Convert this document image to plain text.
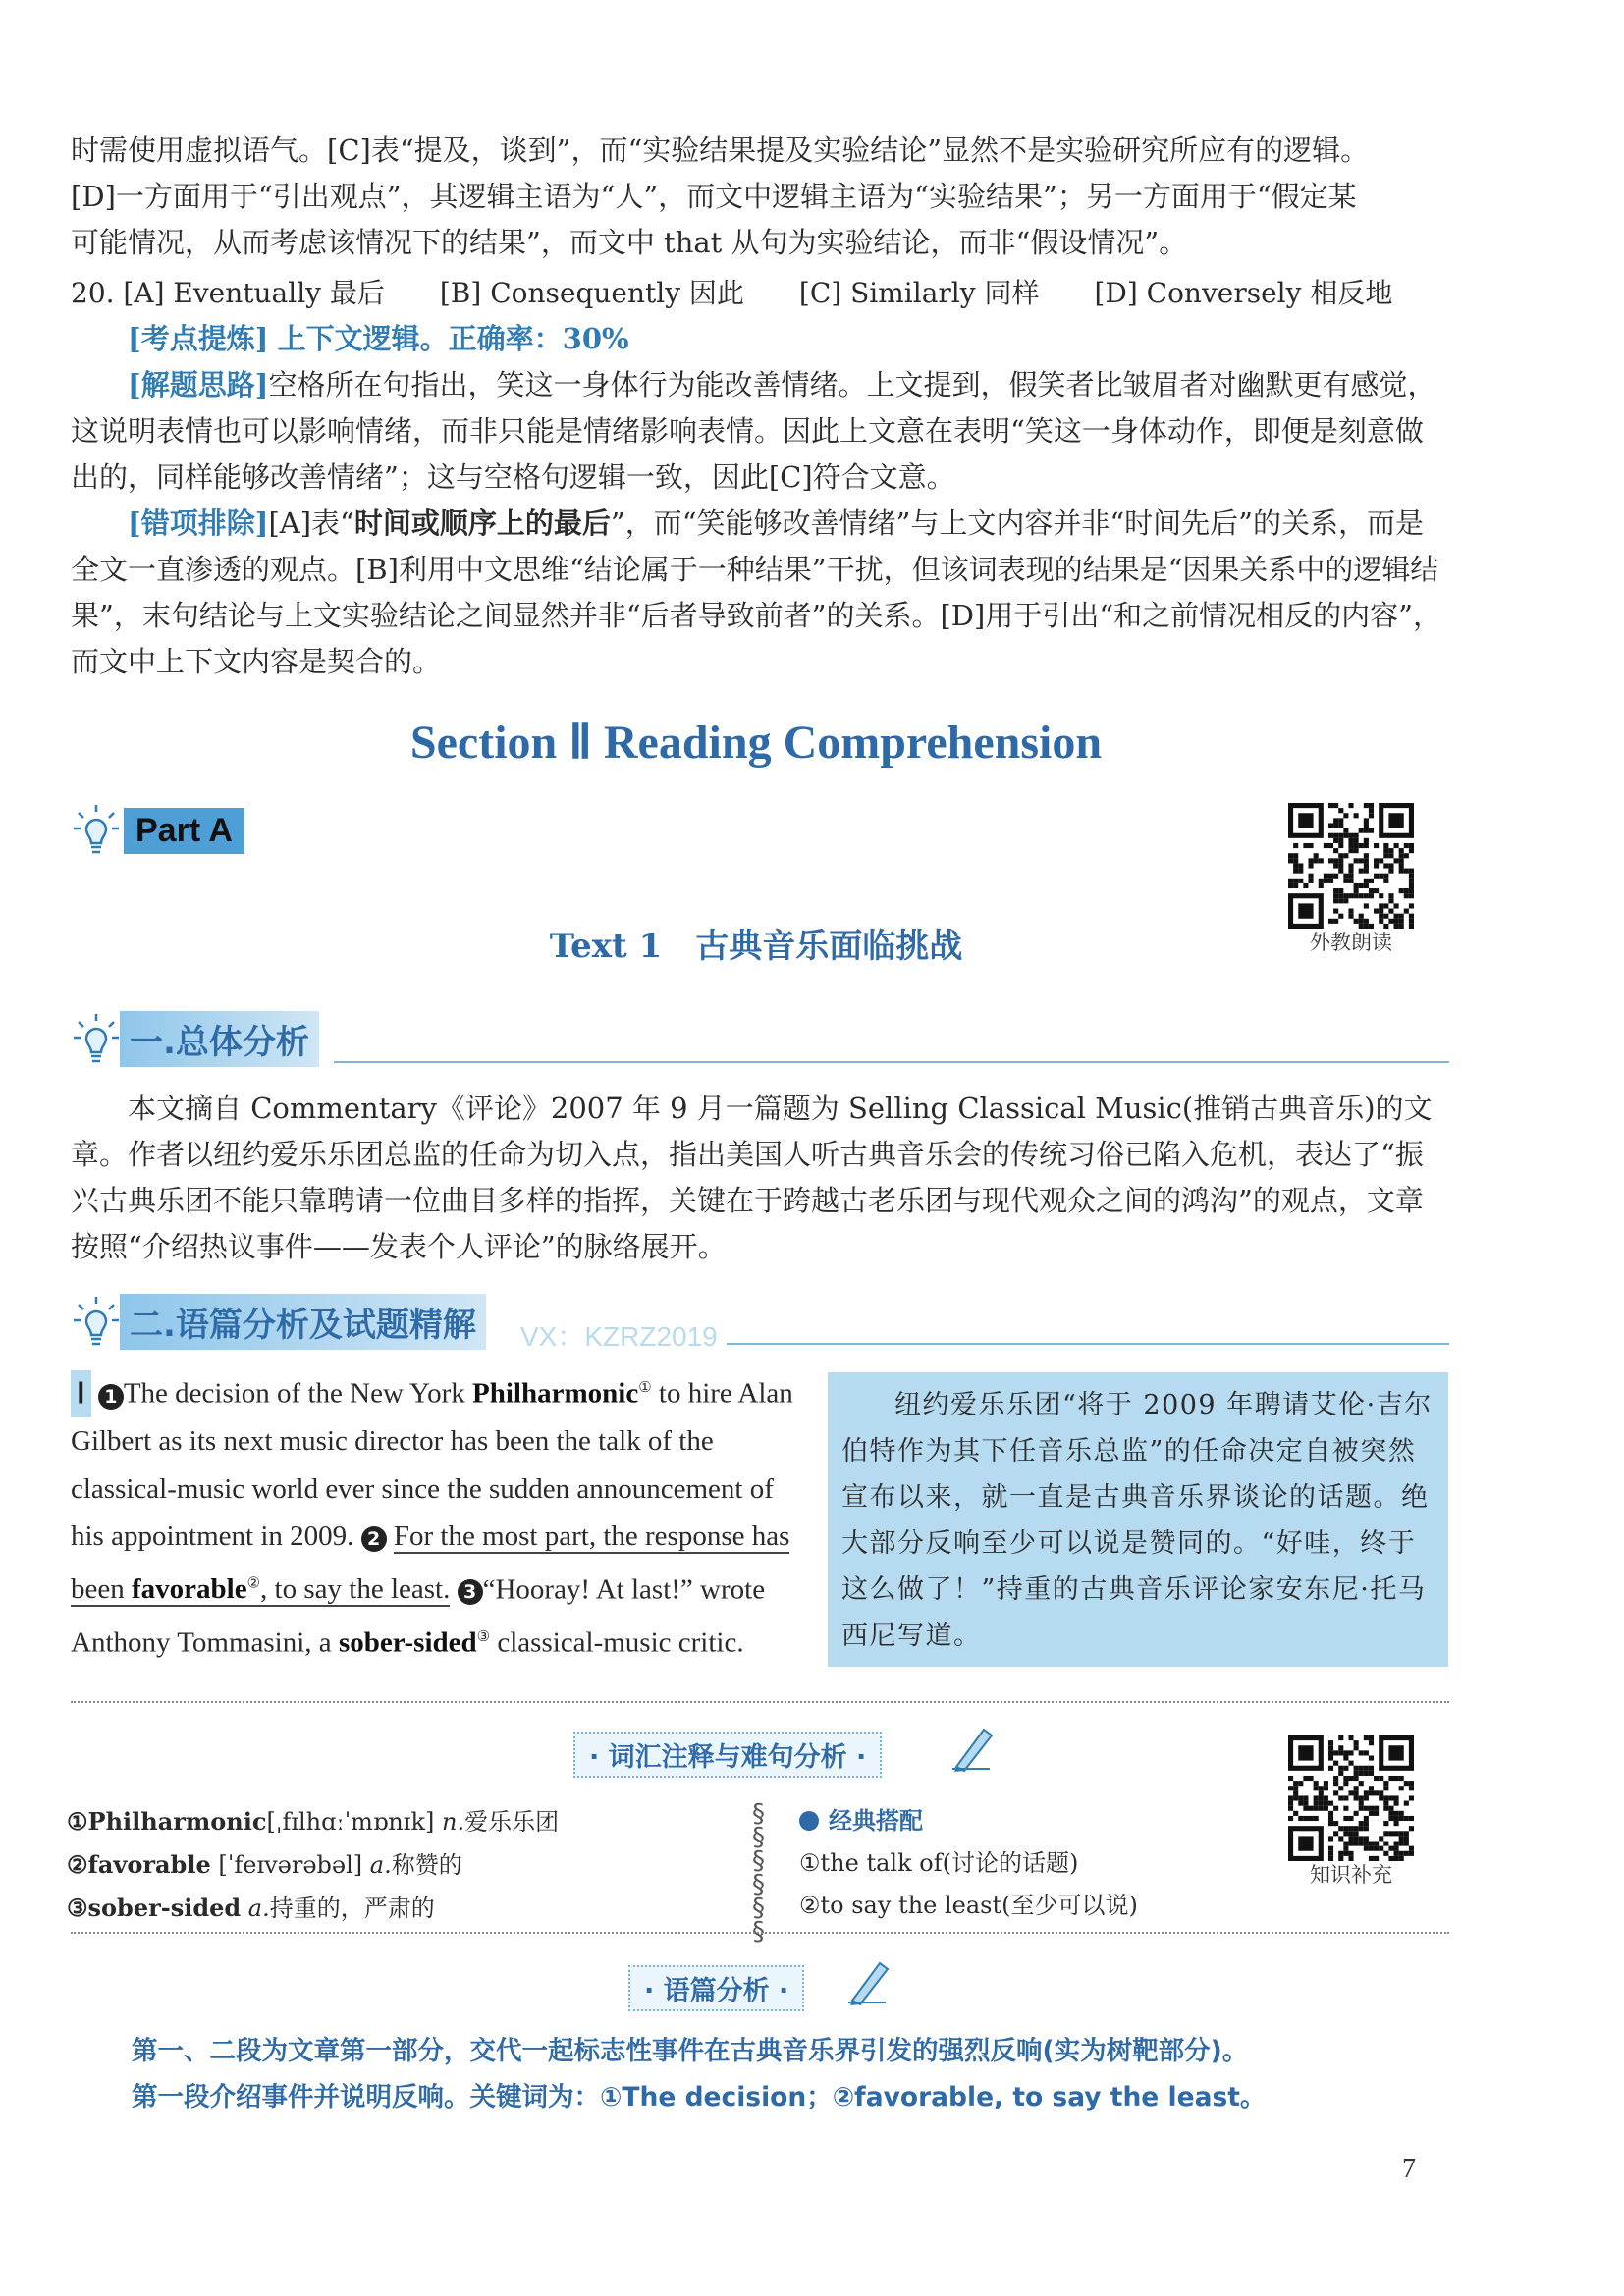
时需使用虚拟语气。[C]表“提及，谈到”，而“实验结果提及实验结论”显然不是实验研究所应有的逻辑。
[D]一方面用于“引出观点”，其逻辑主语为“人”，而文中逻辑主语为“实验结果”；另一方面用于“假定某
可能情况，从而考虑该情况下的结果”，而文中 that 从句为实验结论，而非“假设情况”。
20. [A] Eventually 最后　　[B] Consequently 因此　　[C] Similarly 同样　　[D] Conversely 相反地
[考点提炼] 上下文逻辑。正确率：30%
[解题思路]空格所在句指出，笑这一身体行为能改善情绪。上文提到，假笑者比皱眉者对幽默更有感觉，这说明表情也可以影响情绪，而非只能是情绪影响表情。因此上文意在表明“笑这一身体动作，即便是刻意做出的，同样能够改善情绪”；这与空格句逻辑一致，因此[C]符合文意。
[错项排除][A]表“时间或顺序上的最后”，而“笑能够改善情绪”与上文内容并非“时间先后”的关系，而是全文一直渗透的观点。[B]利用中文思维“结论属于一种结果”干扰，但该词表现的结果是“因果关系中的逻辑结果”，末句结论与上文实验结论之间显然并非“后者导致前者”的关系。[D]用于引出“和之前情况相反的内容”，而文中上下文内容是契合的。
Section Ⅱ Reading Comprehension
Part A
外教朗读
Text 1　古典音乐面临挑战
一.总体分析
本文摘自 Commentary《评论》2007 年 9 月一篇题为 Selling Classical Music(推销古典音乐)的文章。作者以纽约爱乐乐团总监的任命为切入点，指出美国人听古典音乐会的传统习俗已陷入危机，表达了“振兴古典乐团不能只靠聘请一位曲目多样的指挥，关键在于跨越古老乐团与现代观众之间的鸿沟”的观点，文章按照“介绍热议事件——发表个人评论”的脉络展开。
二.语篇分析及试题精解	VX：KZRZ2019
Ⅰ 1 The decision of the New York Philharmonic① to hire Alan Gilbert as its next music director has been the talk of the classical-music world ever since the sudden announcement of his appointment in 2009. 2 For the most part, the response has been favorable②, to say the least. 3 “Hooray! At last!” wrote Anthony Tommasini, a sober-sided③ classical-music critic.
纽约爱乐乐团“将于 2009 年聘请艾伦·吉尔伯特作为其下任音乐总监”的任命决定自被突然宣布以来，就一直是古典音乐界谈论的话题。绝大部分反响至少可以说是赞同的。“好哇，终于这么做了！”持重的古典音乐评论家安东尼·托马西尼写道。
· 词汇注释与难句分析 ·
①Philharmonic[ˌfɪlhɑːˈmɒnɪk] n.爱乐乐团
②favorable [ˈfeɪvərəbəl] a.称赞的
③sober-sided a.持重的，严肃的
§
§
§
§
§
§
经典搭配
①the talk of(讨论的话题)
②to say the least(至少可以说)
知识补充
· 语篇分析 ·
第一、二段为文章第一部分，交代一起标志性事件在古典音乐界引发的强烈反响(实为树靶部分)。
第一段介绍事件并说明反响。关键词为：①The decision；②favorable, to say the least。
7
